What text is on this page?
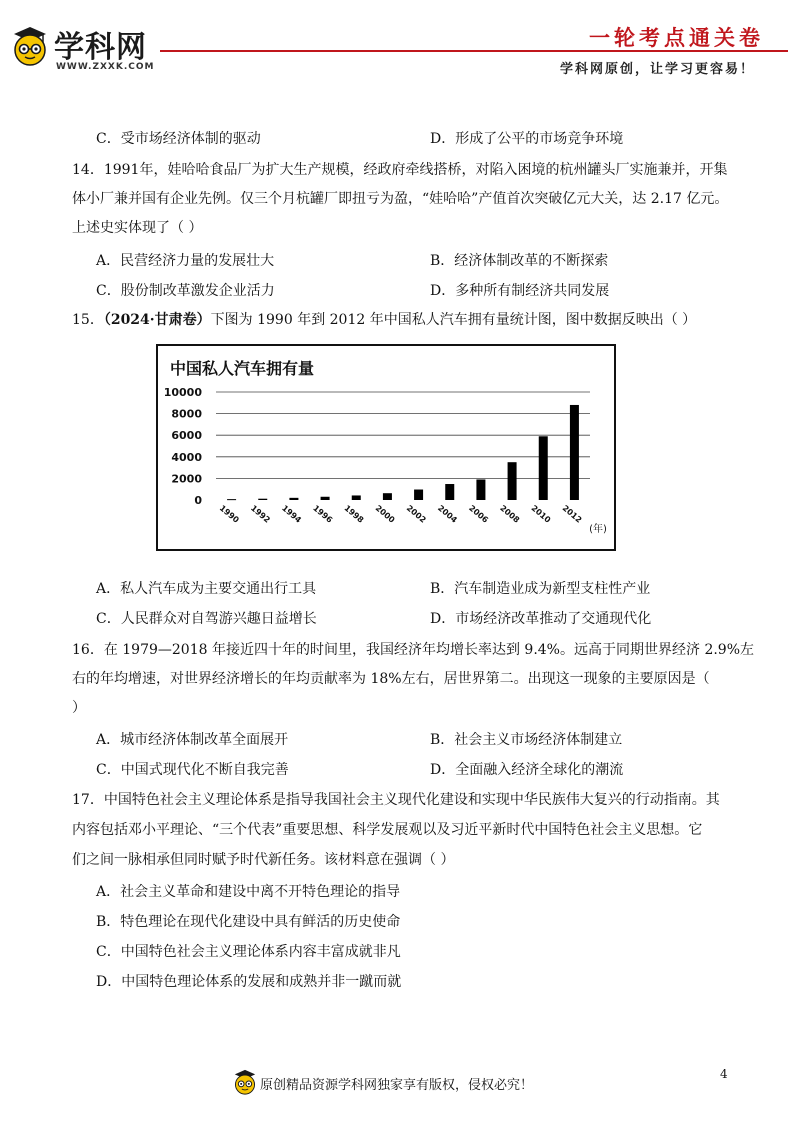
学科网
WWW.ZXXK.COM
一轮考点通关卷
学科网原创，让学习更容易！
C．受市场经济体制的驱动	D．形成了公平的市场竞争环境
14．1991年，娃哈哈食品厂为扩大生产规模，经政府牵线搭桥，对陷入困境的杭州罐头厂实施兼并，开集
体小厂兼并国有企业先例。仅三个月杭罐厂即扭亏为盈，“娃哈哈”产值首次突破亿元大关，达 2.17 亿元。
上述史实体现了（ ）
A．民营经济力量的发展壮大	B．经济体制改革的不断探索
C．股份制改革激发企业活力	D．多种所有制经济共同发展
15．（2024·甘肃卷）下图为 1990 年到 2012 年中国私人汽车拥有量统计图，图中数据反映出（ ）
中国私人汽车拥有量
0
2000
4000
6000
8000
10000
1990 1992 1994 1996 1998 2000 2002 2004 2006 2008 2010 2012
(年)
A．私人汽车成为主要交通出行工具	B．汽车制造业成为新型支柱性产业
C．人民群众对自驾游兴趣日益增长	D．市场经济改革推动了交通现代化
16．在 1979—2018 年接近四十年的时间里，我国经济年均增长率达到 9.4%。远高于同期世界经济 2.9%左
右的年均增速，对世界经济增长的年均贡献率为 18%左右，居世界第二。出现这一现象的主要原因是（
）
A．城市经济体制改革全面展开	B．社会主义市场经济体制建立
C．中国式现代化不断自我完善	D．全面融入经济全球化的潮流
17．中国特色社会主义理论体系是指导我国社会主义现代化建设和实现中华民族伟大复兴的行动指南。其
内容包括邓小平理论、“三个代表”重要思想、科学发展观以及习近平新时代中国特色社会主义思想。它
们之间一脉相承但同时赋予时代新任务。该材料意在强调（ ）
A．社会主义革命和建设中离不开特色理论的指导
B．特色理论在现代化建设中具有鲜活的历史使命
C．中国特色社会主义理论体系内容丰富成就非凡
D．中国特色理论体系的发展和成熟并非一蹴而就
4
原创精品资源学科网独家享有版权，侵权必究！
